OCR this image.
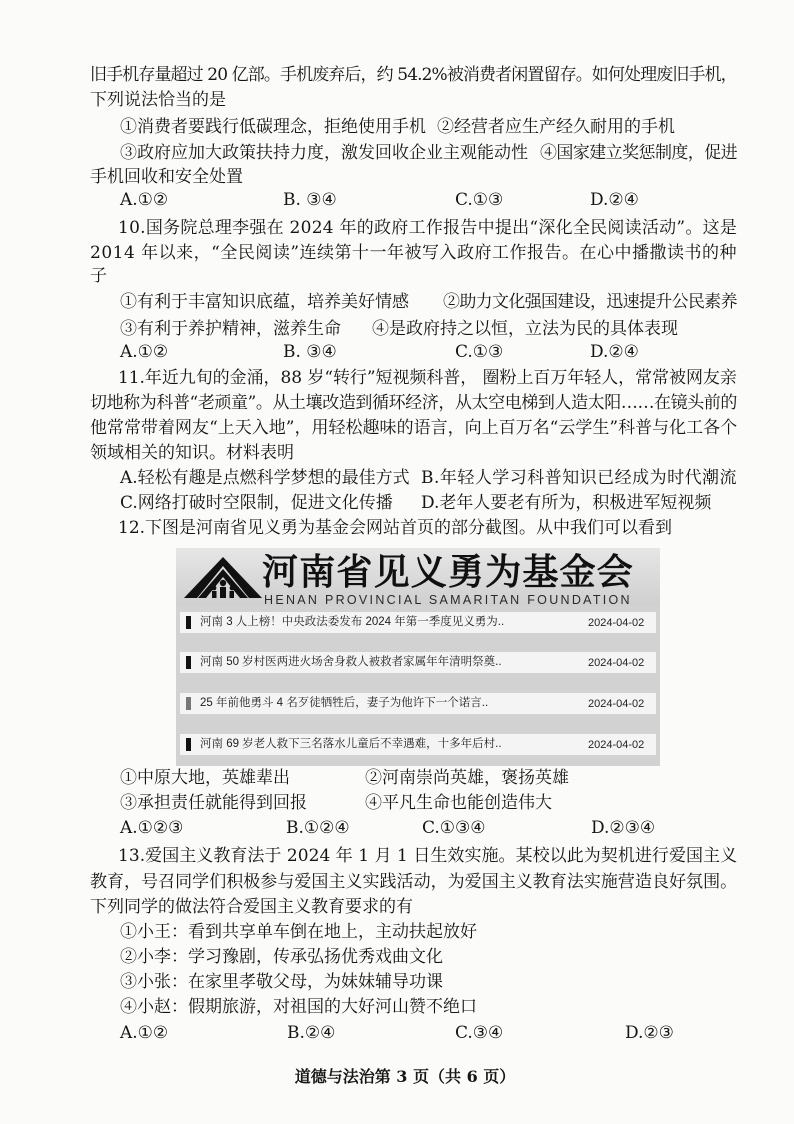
旧手机存量超过 20 亿部。手机废弃后，约 54.2%被消费者闲置留存。如何处理废旧手机，
下列说法恰当的是
①消费者要践行低碳理念，拒绝使用手机 ②经营者应生产经久耐用的手机
③政府应加大政策扶持力度，激发回收企业主观能动性 ④国家建立奖惩制度，促进
手机回收和安全处置
A.①②	B. ③④	C.①③	D.②④
10.国务院总理李强在 2024 年的政府工作报告中提出“深化全民阅读活动”。这是
2014 年以来，“全民阅读”连续第十一年被写入政府工作报告。在心中播撒读书的种
子
①有利于丰富知识底蕴，培养美好情感 ②助力文化强国建设，迅速提升公民素养
③有利于养护精神，滋养生命 ④是政府持之以恒，立法为民的具体表现
A.①②	B. ③④	C.①③	D.②④
11.年近九旬的金涌，88 岁“转行”短视频科普， 圈粉上百万年轻人，常常被网友亲
切地称为科普“老顽童”。从土壤改造到循环经济，从太空电梯到人造太阳……在镜头前的
他常常带着网友“上天入地”，用轻松趣味的语言，向上百万名“云学生”科普与化工各个
领域相关的知识。材料表明
A.轻松有趣是点燃科学梦想的最佳方式 B.年轻人学习科普知识已经成为时代潮流
C.网络打破时空限制，促进文化传播 D.老年人要老有所为，积极进军短视频
12.下图是河南省见义勇为基金会网站首页的部分截图。从中我们可以看到
河南省见义勇为基金会
HENAN PROVINCIAL SAMARITAN FOUNDATION
河南 3 人上榜！中央政法委发布 2024 年第一季度见义勇为..	2024-04-02
河南 50 岁村医两进火场舍身救人被救者家属年年清明祭奠..	2024-04-02
25 年前他勇斗 4 名歹徒牺牲后，妻子为他许下一个诺言..	2024-04-02
河南 69 岁老人救下三名落水儿童后不幸遇难，十多年后村..	2024-04-02
①中原大地，英雄辈出	②河南崇尚英雄，褒扬英雄
③承担责任就能得到回报	④平凡生命也能创造伟大
A.①②③	B.①②④	C.①③④	D.②③④
13.爱国主义教育法于 2024 年 1 月 1 日生效实施。某校以此为契机进行爱国主义
教育，号召同学们积极参与爱国主义实践活动，为爱国主义教育法实施营造良好氛围。
下列同学的做法符合爱国主义教育要求的有
①小王：看到共享单车倒在地上，主动扶起放好
②小李：学习豫剧，传承弘扬优秀戏曲文化
③小张：在家里孝敬父母，为妹妹辅导功课
④小赵：假期旅游，对祖国的大好河山赞不绝口
A.①②	B.②④	C.③④	D.②③
道德与法治第 3 页（共 6 页）
